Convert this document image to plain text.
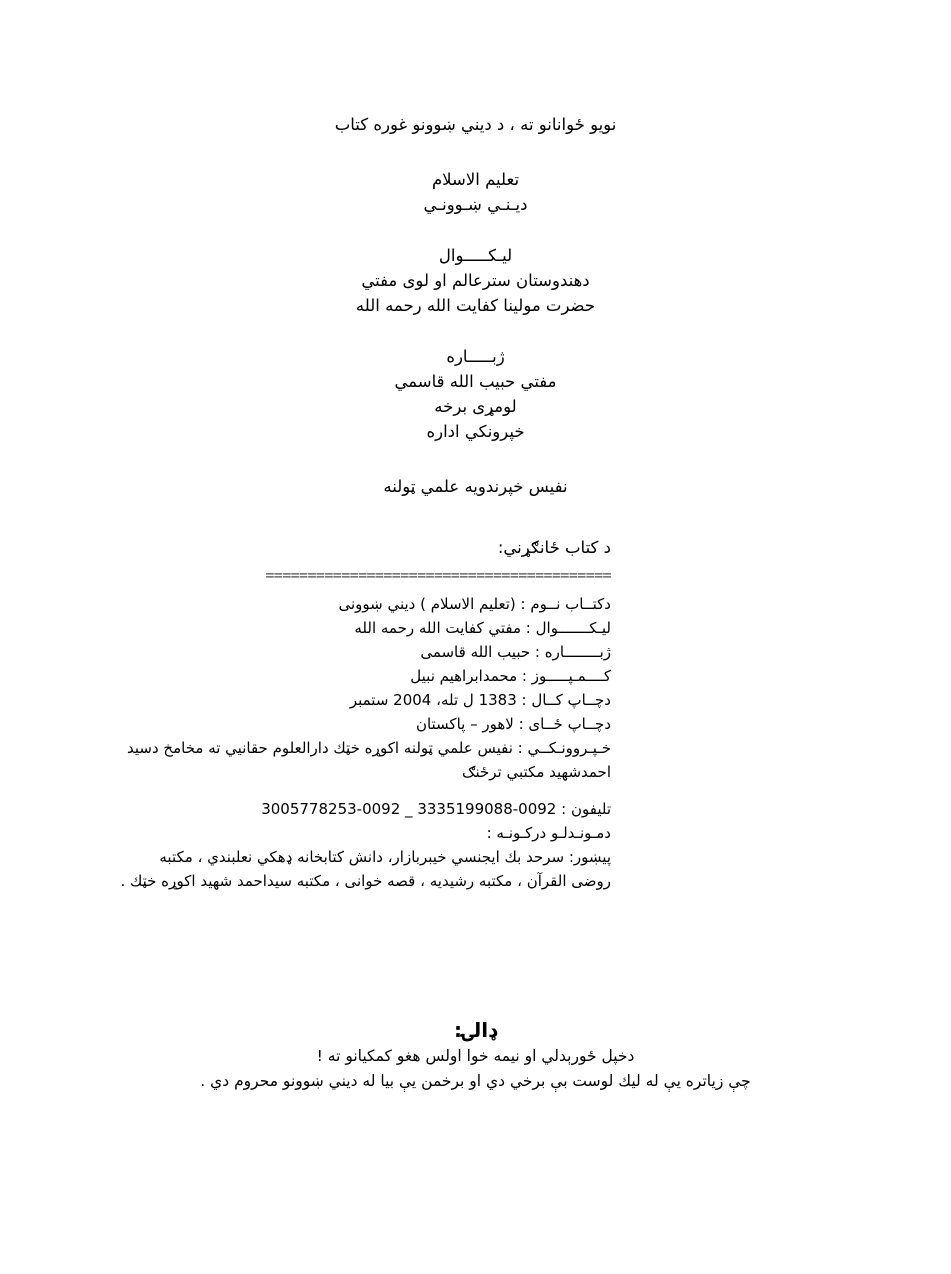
نویو ځوانانو ته ، د دیني ښوونو غوره کتاب
تعلیم الاسلام
دیـنـي ښـوونـي
لیـکـــــوال
دهندوستان سترعالم او لوی مفتي
حضرت مولینا کفایت الله رحمه الله
ژبـــــاره
مفتي حبیب الله قاسمي
لومړی برخه
خپرونکي اداره
نفیس خپرندویه علمي ټولنه
د کتاب ځانګړني:
=========================================
دکتــاب نــوم : (تعلیم الاسلام ) دیني ښوونی
لیـکـــــــوال : مفتي کفایت الله رحمه الله
ژبــــــــاره : حبیب الله قاسمی
کــــمـپـــــوز : محمدابراهیم نبیل
دچــاپ کــال : 1383 ل تله، 2004 ستمبر
دچــاپ ځــای : لاهور – پاکستان
خـپـروونـکــي : نفیس علمي ټولنه اکوړه خټك دارالعلوم حقانیي ته مخامخ دسید احمدشهید مکتبي ترځنګ
تلیفون : 0092-3335199088 _ 0092-3005778253
دمـونـدلـو درکـونـه :
پیښور: سرحد بك ایجنسي خیبربازار، دانش کتابخانه ډهکي نعلبندي ، مکتبه روضی القرآن ، مکتبه رشیدیه ، قصه خوانی ، مکتبه سیداحمد شهید اکوړه خټك .
ډالۍ:
دخپل ځورېدلي او نیمه خوا اولس هغو کمکیانو ته !
چې زیاتره یې له لیك لوست بې برخي دي او برخمن یې بیا له دیني ښوونو محروم دي .
